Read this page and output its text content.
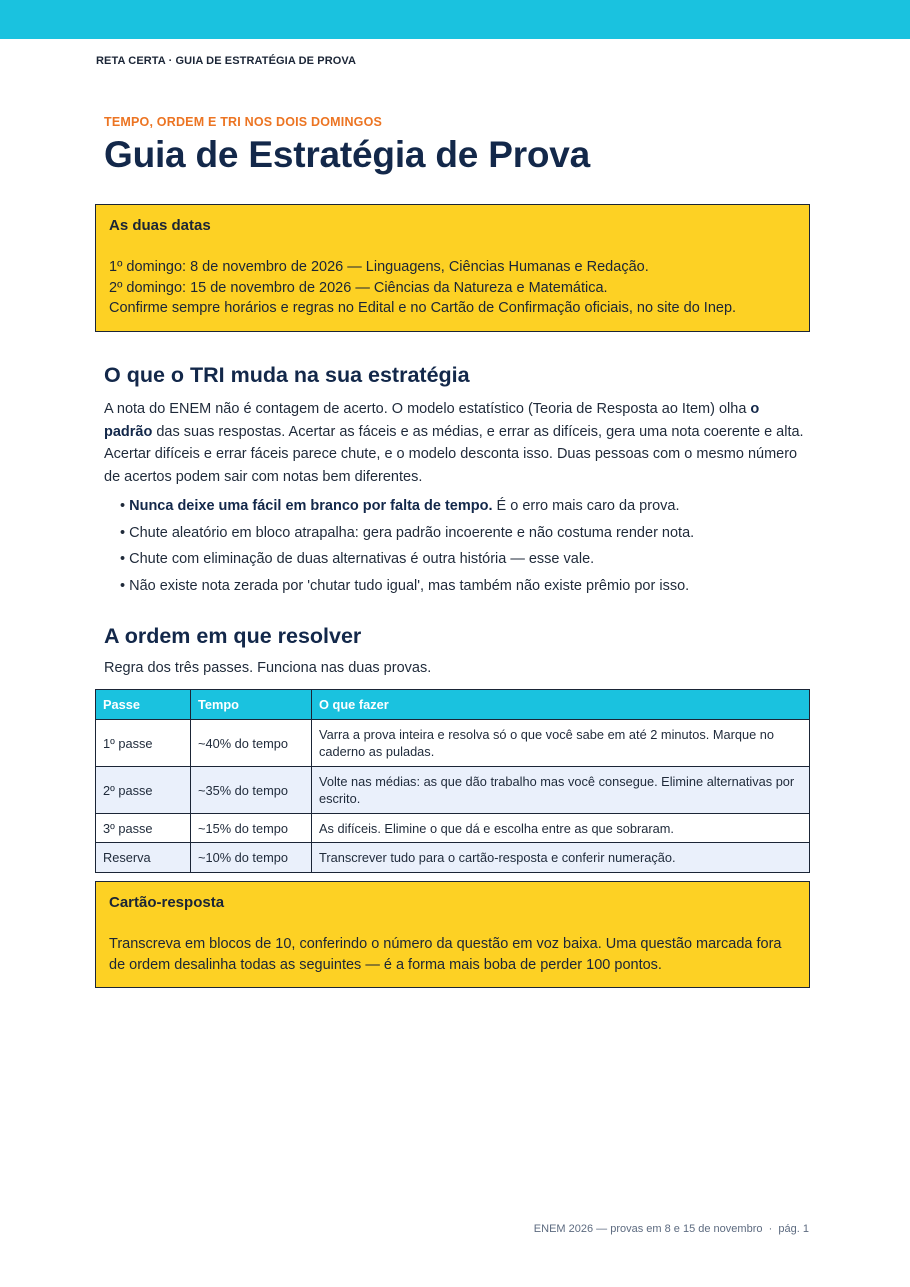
RETA CERTA · GUIA DE ESTRATÉGIA DE PROVA
TEMPO, ORDEM E TRI NOS DOIS DOMINGOS
Guia de Estratégia de Prova
As duas datas
1º domingo: 8 de novembro de 2026 — Linguagens, Ciências Humanas e Redação.
2º domingo: 15 de novembro de 2026 — Ciências da Natureza e Matemática.
Confirme sempre horários e regras no Edital e no Cartão de Confirmação oficiais, no site do Inep.
O que o TRI muda na sua estratégia

A nota do ENEM não é contagem de acerto. O modelo estatístico (Teoria de Resposta ao Item) olha o padrão das suas respostas. Acertar as fáceis e as médias, e errar as difíceis, gera uma nota coerente e alta. Acertar difíceis e errar fáceis parece chute, e o modelo desconta isso. Duas pessoas com o mesmo número de acertos podem sair com notas bem diferentes.

• Nunca deixe uma fácil em branco por falta de tempo. É o erro mais caro da prova.
• Chute aleatório em bloco atrapalha: gera padrão incoerente e não costuma render nota.
• Chute com eliminação de duas alternativas é outra história — esse vale.
• Não existe nota zerada por 'chutar tudo igual', mas também não existe prêmio por isso.
A ordem em que resolver
Regra dos três passes. Funciona nas duas provas.
Passe	Tempo	O que fazer
1º passe	~40% do tempo	Varra a prova inteira e resolva só o que você sabe em até 2 minutos. Marque no caderno as puladas.
2º passe	~35% do tempo	Volte nas médias: as que dão trabalho mas você consegue. Elimine alternativas por escrito.
3º passe	~15% do tempo	As difíceis. Elimine o que dá e escolha entre as que sobraram.
Reserva	~10% do tempo	Transcrever tudo para o cartão-resposta e conferir numeração.
Cartão-resposta
Transcreva em blocos de 10, conferindo o número da questão em voz baixa. Uma questão marcada fora
de ordem desalinha todas as seguintes — é a forma mais boba de perder 100 pontos.
ENEM 2026 — provas em 8 e 15 de novembro · pág. 1
